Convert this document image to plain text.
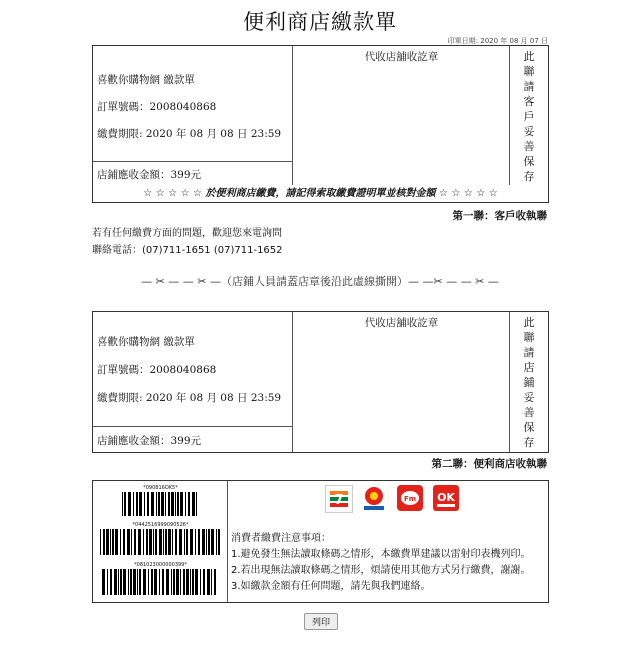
便利商店繳款單
印單日期: 2020 年 08 月 07 日
喜歡你購物網 繳款單
訂單號碼：2008040868
繳費期限: 2020 年 08 月 08 日 23:59
店鋪應收金額：399元
代收店舖收訖章	此
聯
請
客
戶
妥
善
保
存
☆ ☆ ☆ ☆ ☆ 於便利商店繳費，請記得索取繳費證明單並核對金額 ☆ ☆ ☆ ☆ ☆
第一聯：客戶收執聯
若有任何繳費方面的問題，歡迎您來電詢問
聯絡電話：(07)711-1651 (07)711-1652
— ✂ — — ✂ —（店鋪人員請蓋店章後沿此虛線撕開）— —✂ — — ✂ —
喜歡你購物網 繳款單
訂單號碼：2008040868
繳費期限: 2020 年 08 月 08 日 23:59
店鋪應收金額：399元
代收店舖收訖章	此
聯
請
店
鋪
妥
善
保
存
第二聯：便利商店收執聯
*090816OK5*
*0442516999090526*
*081023000000399*
7	Fm OK
消費者繳費注意事項：
1.避免發生無法讀取條碼之情形，本繳費單建議以雷射印表機列印。
2.若出現無法讀取條碼之情形，煩請使用其他方式另行繳費，謝謝。
3.如繳款金額有任何問題，請先與我們連絡。
列印
